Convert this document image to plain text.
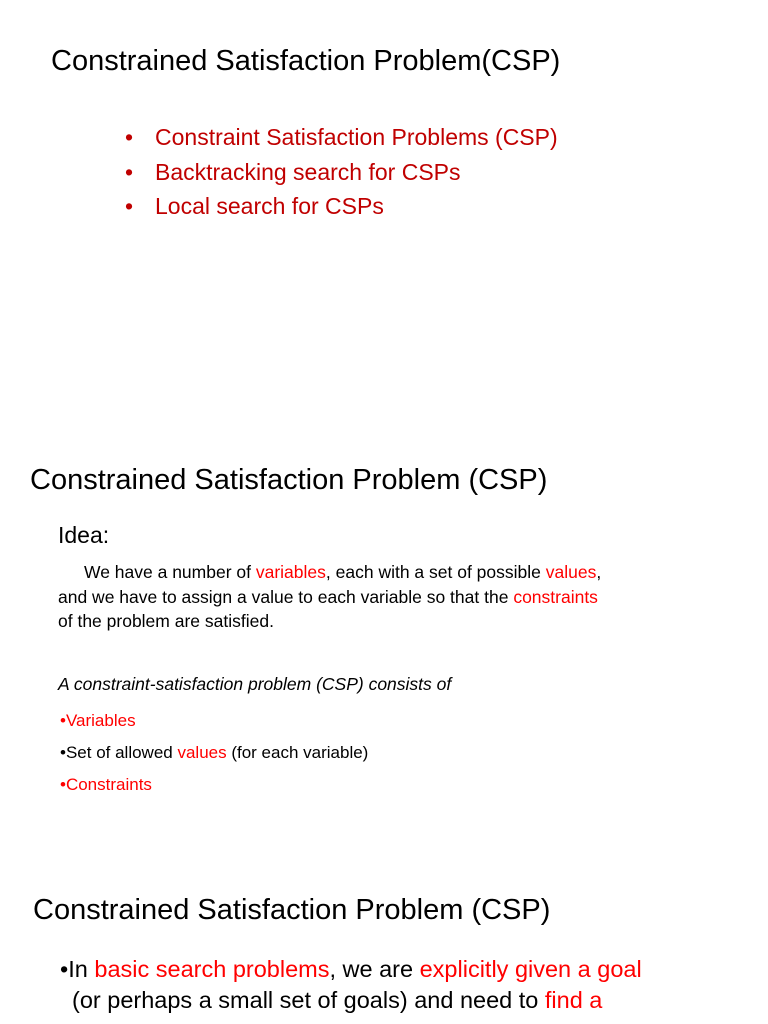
Constrained Satisfaction Problem(CSP)
• Constraint Satisfaction Problems (CSP)
• Backtracking search for CSPs
• Local search for CSPs
Constrained Satisfaction Problem (CSP)
Idea:
We have a number of variables, each with a set of possible values,
and we have to assign a value to each variable so that the constraints
of the problem are satisfied.
A constraint-satisfaction problem (CSP) consists of
•Variables
•Set of allowed values (for each variable)
•Constraints
Constrained Satisfaction Problem (CSP)
•In basic search problems, we are explicitly given a goal
(or perhaps a small set of goals) and need to find a
